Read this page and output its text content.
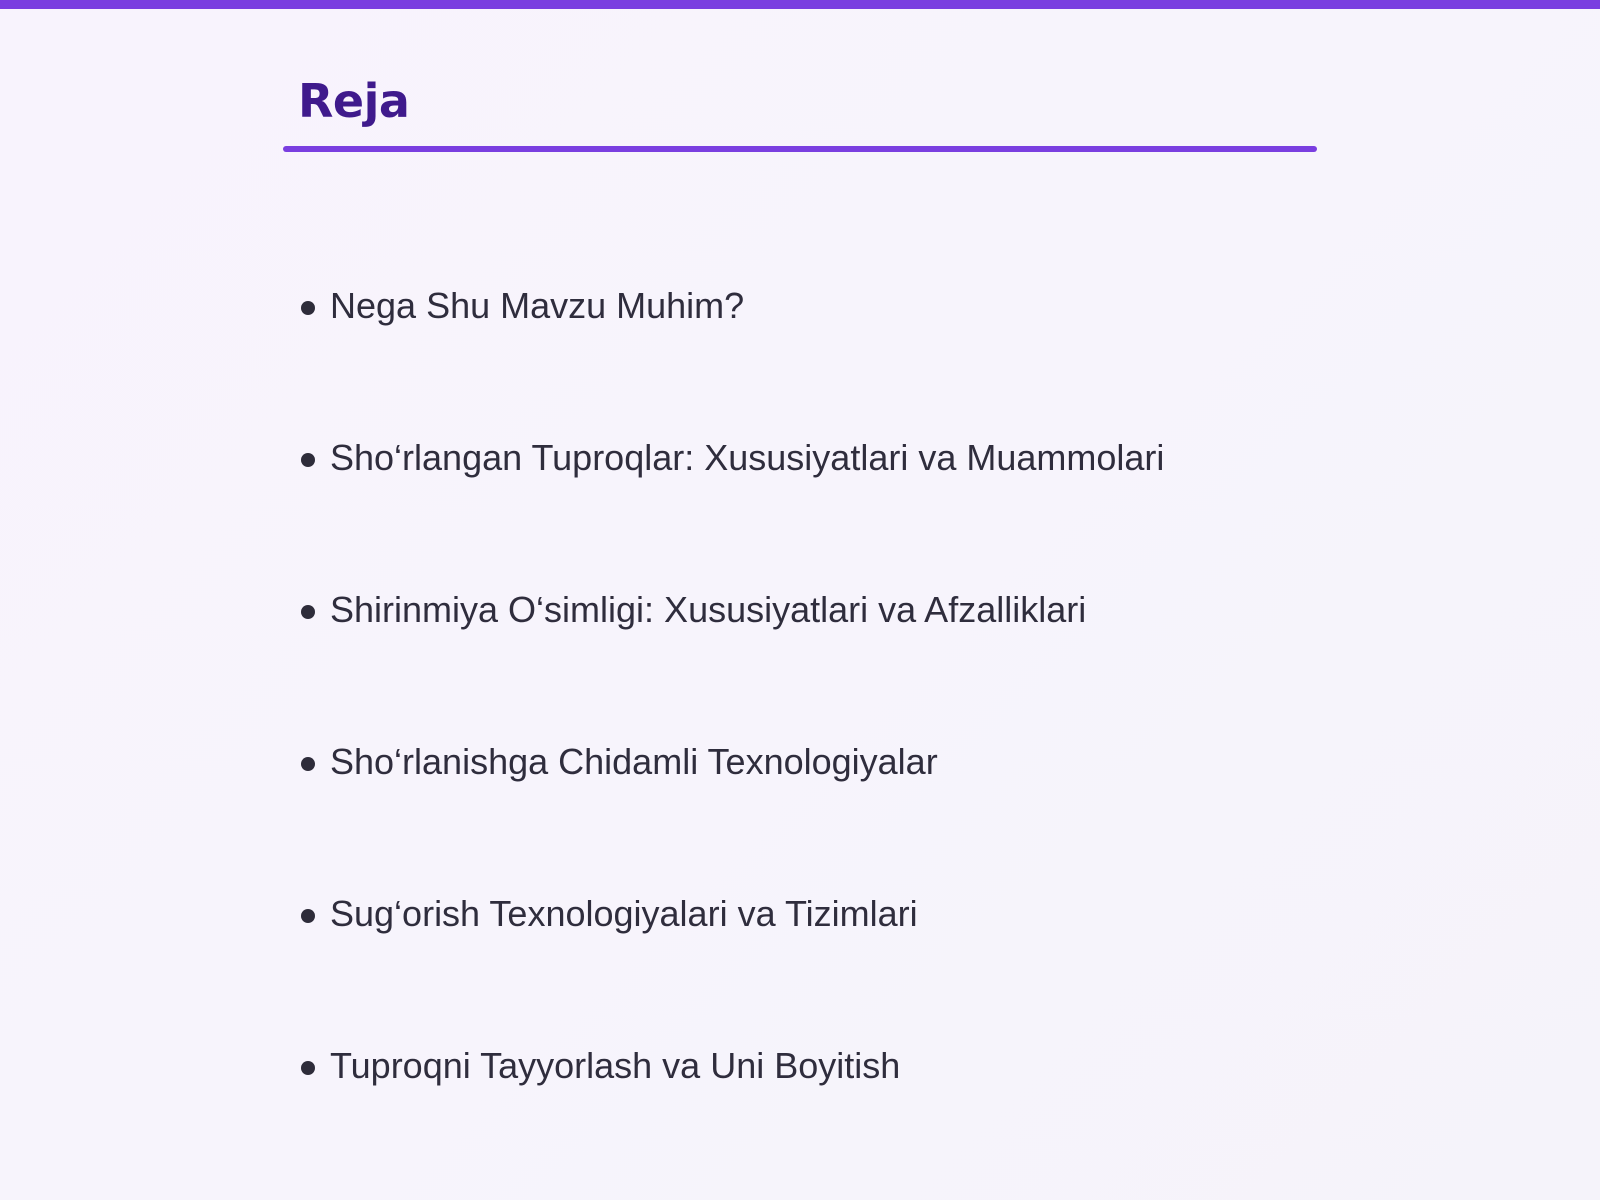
Reja
Nega Shu Mavzu Muhim?
Sho‘rlangan Tuproqlar: Xususiyatlari va Muammolari
Shirinmiya O‘simligi: Xususiyatlari va Afzalliklari
Sho‘rlanishga Chidamli Texnologiyalar
Sug‘orish Texnologiyalari va Tizimlari
Tuproqni Tayyorlash va Uni Boyitish
